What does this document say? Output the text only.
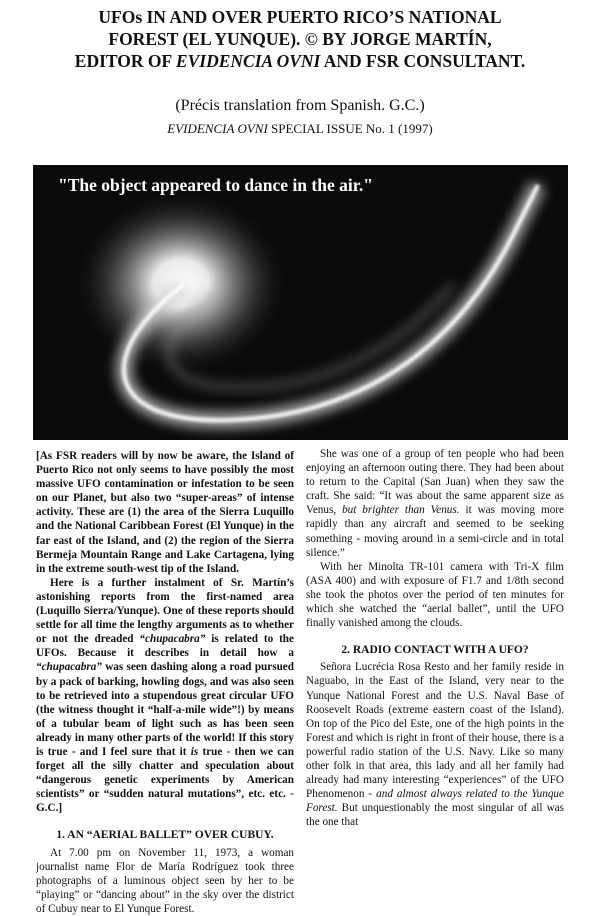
UFOs IN AND OVER PUERTO RICO’S NATIONAL
FOREST (EL YUNQUE). © BY JORGE MARTÍN,
EDITOR OF EVIDENCIA OVNI AND FSR CONSULTANT.
(Précis translation from Spanish. G.C.)
EVIDENCIA OVNI SPECIAL ISSUE No. 1 (1997)
"The object appeared to dance in the air."

[As FSR readers will by now be aware, the Island of Puerto Rico not only seems to have possibly the most massive UFO contamination or infestation to be seen on our Planet, but also two “super-areas” of intense activity. These are (1) the area of the Sierra Luquillo and the National Caribbean Forest (El Yunque) in the far east of the Island, and (2) the region of the Sierra Bermeja Mountain Range and Lake Cartagena, lying in the extreme south-west tip of the Island.

Here is a further instalment of Sr. Martín’s astonishing reports from the first-named area (Luquillo Sierra/Yunque). One of these reports should settle for all time the lengthy arguments as to whether or not the dreaded “chupacabra” is related to the UFOs. Because it describes in detail how a “chupacabra” was seen dashing along a road pursued by a pack of barking, howling dogs, and was also seen to be retrieved into a stupendous great circular UFO (the witness thought it “half-a-mile wide”!) by means of a tubular beam of light such as has been seen already in many other parts of the world! If this story is true - and I feel sure that it is true - then we can forget all the silly chatter and speculation about “dangerous genetic experiments by American scientists” or “sudden natural mutations”, etc. etc. -G.C.]

1. AN “AERIAL BALLET” OVER CUBUY.

At 7.00 pm on November 11, 1973, a woman journalist name Flor de María Rodríguez took three photographs of a luminous object seen by her to be “playing” or “dancing about” in the sky over the district of Cubuy near to El Yunque Forest.

She was one of a group of ten people who had been enjoying an afternoon outing there. They had been about to return to the Capital (San Juan) when they saw the craft. She said: “It was about the same apparent size as Venus, but brighter than Venus. it was moving more rapidly than any aircraft and seemed to be seeking something - moving around in a semi-circle and in total silence.”

With her Minolta TR-101 camera with Tri-X film (ASA 400) and with exposure of F1.7 and 1/8th second she took the photos over the period of ten minutes for which she watched the “aerial ballet”, until the UFO finally vanished among the clouds.

2. RADIO CONTACT WITH A UFO?

Señora Lucrécia Rosa Resto and her family reside in Naguabo, in the East of the Island, very near to the Yunque National Forest and the U.S. Naval Base of Roosevelt Roads (extreme eastern coast of the Island). On top of the Pico del Este, one of the high points in the Forest and which is right in front of their house, there is a powerful radio station of the U.S. Navy. Like so many other folk in that area, this lady and all her family had already had many interesting “experiences” of the UFO Phenomenon - and almost always related to the Yunque Forest. But unquestionably the most singular of all was the one that
